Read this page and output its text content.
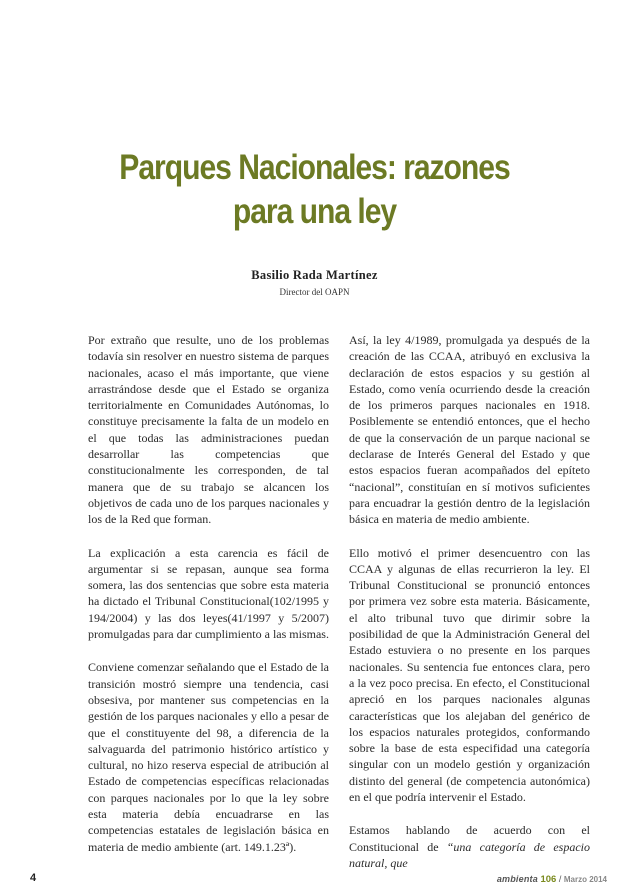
Parques Nacionales: razones
para una ley
Basilio Rada Martínez
Director del OAPN

Por extraño que resulte, uno de los problemas todavía sin resolver en nuestro sistema de parques nacionales, acaso el más importante, que viene arrastrándose desde que el Estado se organiza territorialmente en Comunidades Autónomas, lo constituye precisamente la falta de un modelo en el que todas las administraciones puedan desarrollar las competencias que constitucionalmente les corresponden, de tal manera que de su trabajo se alcancen los objetivos de cada uno de los parques nacionales y los de la Red que forman.

La explicación a esta carencia es fácil de argumentar si se repasan, aunque sea forma somera, las dos sentencias que sobre esta materia ha dictado el Tribunal Constitucional(102/1995 y 194/2004) y las dos leyes(41/1997 y 5/2007) promulgadas para dar cumplimiento a las mismas.

Conviene comenzar señalando que el Estado de la transición mostró siempre una tendencia, casi obsesiva, por mantener sus competencias en la gestión de los parques nacionales y ello a pesar de que el constituyente del 98, a diferencia de la salvaguarda del patrimonio histórico artístico y cultural, no hizo reserva especial de atribución al Estado de competencias específicas relacionadas con parques nacionales por lo que la ley sobre esta materia debía encuadrarse en las competencias estatales de legislación básica en materia de medio ambiente (art. 149.1.23ª).

Así, la ley 4/1989, promulgada ya después de la creación de las CCAA, atribuyó en exclusiva la declaración de estos espacios y su gestión al Estado, como venía ocurriendo desde la creación de los primeros parques nacionales en 1918. Posiblemente se entendió entonces, que el hecho de que la conservación de un parque nacional se declarase de Interés General del Estado y que estos espacios fueran acompañados del epíteto “nacional”, constituían en sí motivos suficientes para encuadrar la gestión dentro de la legislación básica en materia de medio ambiente.

Ello motivó el primer desencuentro con las CCAA y algunas de ellas recurrieron la ley. El Tribunal Constitucional se pronunció entonces por primera vez sobre esta materia. Básicamente, el alto tribunal tuvo que dirimir sobre la posibilidad de que la Administración General del Estado estuviera o no presente en los parques nacionales. Su sentencia fue entonces clara, pero a la vez poco precisa. En efecto, el Constitucional apreció en los parques nacionales algunas características que los alejaban del genérico de los espacios naturales protegidos, conformando sobre la base de esta especifidad una categoría singular con un modelo gestión y organización distinto del general (de competencia autonómica) en el que podría intervenir el Estado.

Estamos hablando de acuerdo con el Constitucional de “una categoría de espacio natural, que

4	ambienta 106 / Marzo 2014
